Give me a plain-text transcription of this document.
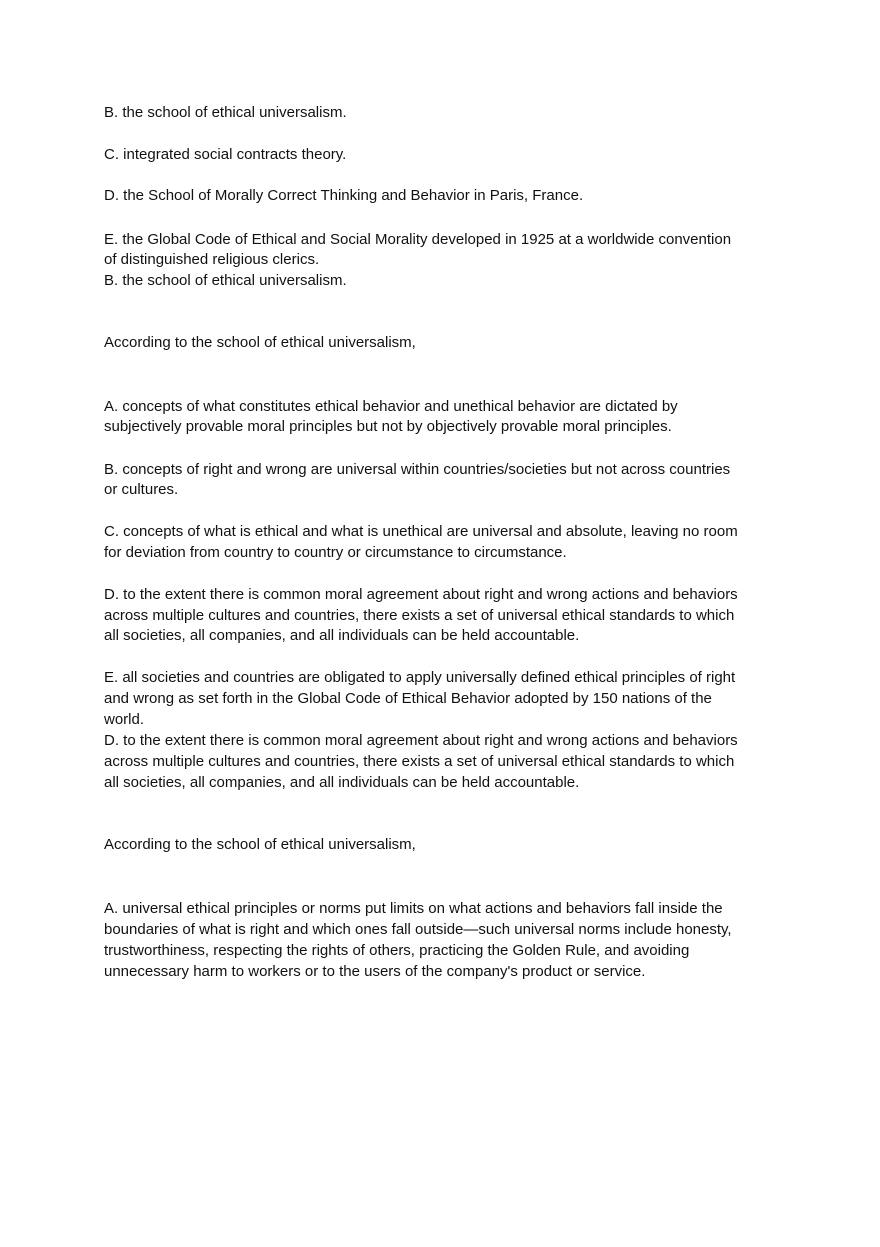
B. the school of ethical universalism.

C. integrated social contracts theory.

D. the School of Morally Correct Thinking and Behavior in Paris, France.

E. the Global Code of Ethical and Social Morality developed in 1925 at a worldwide convention

of distinguished religious clerics.

B. the school of ethical universalism.

According to the school of ethical universalism,

A. concepts of what constitutes ethical behavior and unethical behavior are dictated by

subjectively provable moral principles but not by objectively provable moral principles.

B. concepts of right and wrong are universal within countries/societies but not across countries

or cultures.

C. concepts of what is ethical and what is unethical are universal and absolute, leaving no room

for deviation from country to country or circumstance to circumstance.

D. to the extent there is common moral agreement about right and wrong actions and behaviors

across multiple cultures and countries, there exists a set of universal ethical standards to which

all societies, all companies, and all individuals can be held accountable.

E. all societies and countries are obligated to apply universally defined ethical principles of right

and wrong as set forth in the Global Code of Ethical Behavior adopted by 150 nations of the

world.

D. to the extent there is common moral agreement about right and wrong actions and behaviors

across multiple cultures and countries, there exists a set of universal ethical standards to which

all societies, all companies, and all individuals can be held accountable.

According to the school of ethical universalism,

A. universal ethical principles or norms put limits on what actions and behaviors fall inside the

boundaries of what is right and which ones fall outside—such universal norms include honesty,

trustworthiness, respecting the rights of others, practicing the Golden Rule, and avoiding

unnecessary harm to workers or to the users of the company's product or service.
